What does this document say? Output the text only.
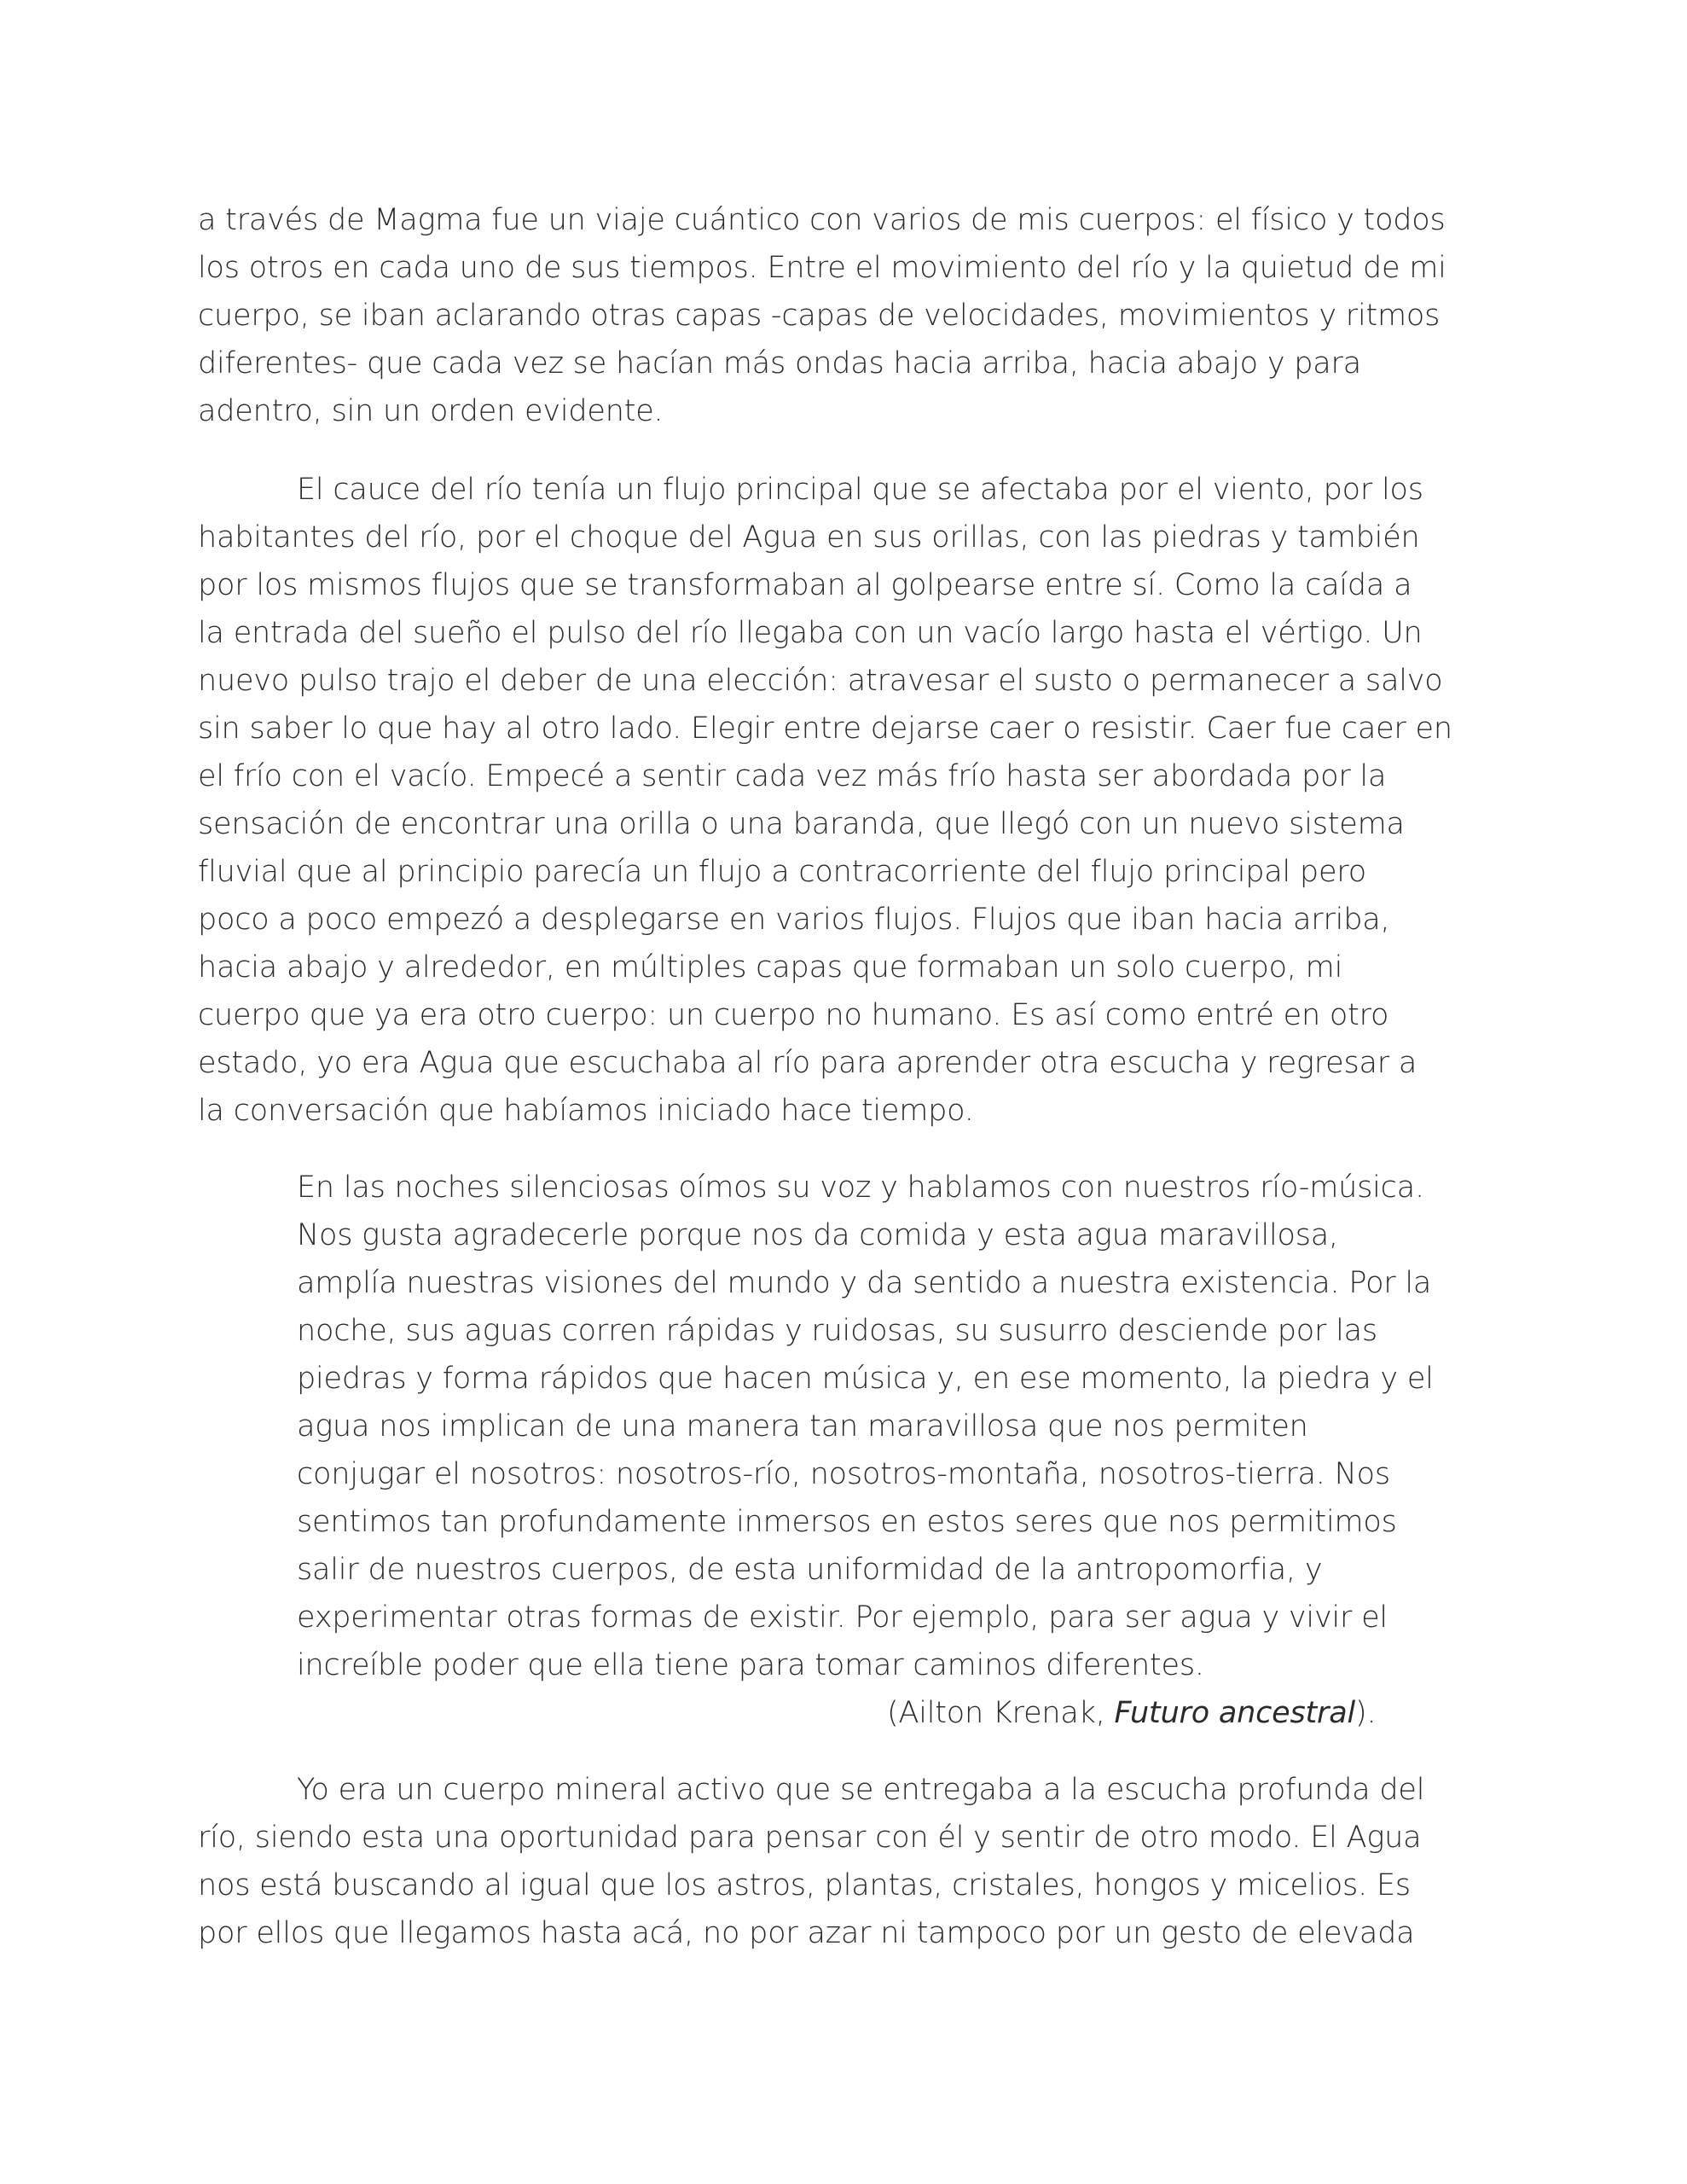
a través de Magma fue un viaje cuántico con varios de mis cuerpos: el físico y todos
los otros en cada uno de sus tiempos. Entre el movimiento del río y la quietud de mi
cuerpo, se iban aclarando otras capas -capas de velocidades, movimientos y ritmos
diferentes- que cada vez se hacían más ondas hacia arriba, hacia abajo y para
adentro, sin un orden evidente.
El cauce del río tenía un flujo principal que se afectaba por el viento, por los
habitantes del río, por el choque del Agua en sus orillas, con las piedras y también
por los mismos flujos que se transformaban al golpearse entre sí. Como la caída a
la entrada del sueño el pulso del río llegaba con un vacío largo hasta el vértigo. Un
nuevo pulso trajo el deber de una elección: atravesar el susto o permanecer a salvo
sin saber lo que hay al otro lado. Elegir entre dejarse caer o resistir. Caer fue caer en
el frío con el vacío. Empecé a sentir cada vez más frío hasta ser abordada por la
sensación de encontrar una orilla o una baranda, que llegó con un nuevo sistema
fluvial que al principio parecía un flujo a contracorriente del flujo principal pero
poco a poco empezó a desplegarse en varios flujos. Flujos que iban hacia arriba,
hacia abajo y alrededor, en múltiples capas que formaban un solo cuerpo, mi
cuerpo que ya era otro cuerpo: un cuerpo no humano. Es así como entré en otro
estado, yo era Agua que escuchaba al río para aprender otra escucha y regresar a
la conversación que habíamos iniciado hace tiempo.
En las noches silenciosas oímos su voz y hablamos con nuestros río-música.
Nos gusta agradecerle porque nos da comida y esta agua maravillosa,
amplía nuestras visiones del mundo y da sentido a nuestra existencia. Por la
noche, sus aguas corren rápidas y ruidosas, su susurro desciende por las
piedras y forma rápidos que hacen música y, en ese momento, la piedra y el
agua nos implican de una manera tan maravillosa que nos permiten
conjugar el nosotros: nosotros-río, nosotros-montaña, nosotros-tierra. Nos
sentimos tan profundamente inmersos en estos seres que nos permitimos
salir de nuestros cuerpos, de esta uniformidad de la antropomorfia, y
experimentar otras formas de existir. Por ejemplo, para ser agua y vivir el
increíble poder que ella tiene para tomar caminos diferentes.
(Ailton Krenak, Futuro ancestral).
Yo era un cuerpo mineral activo que se entregaba a la escucha profunda del
río, siendo esta una oportunidad para pensar con él y sentir de otro modo. El Agua
nos está buscando al igual que los astros, plantas, cristales, hongos y micelios. Es
por ellos que llegamos hasta acá, no por azar ni tampoco por un gesto de elevada
